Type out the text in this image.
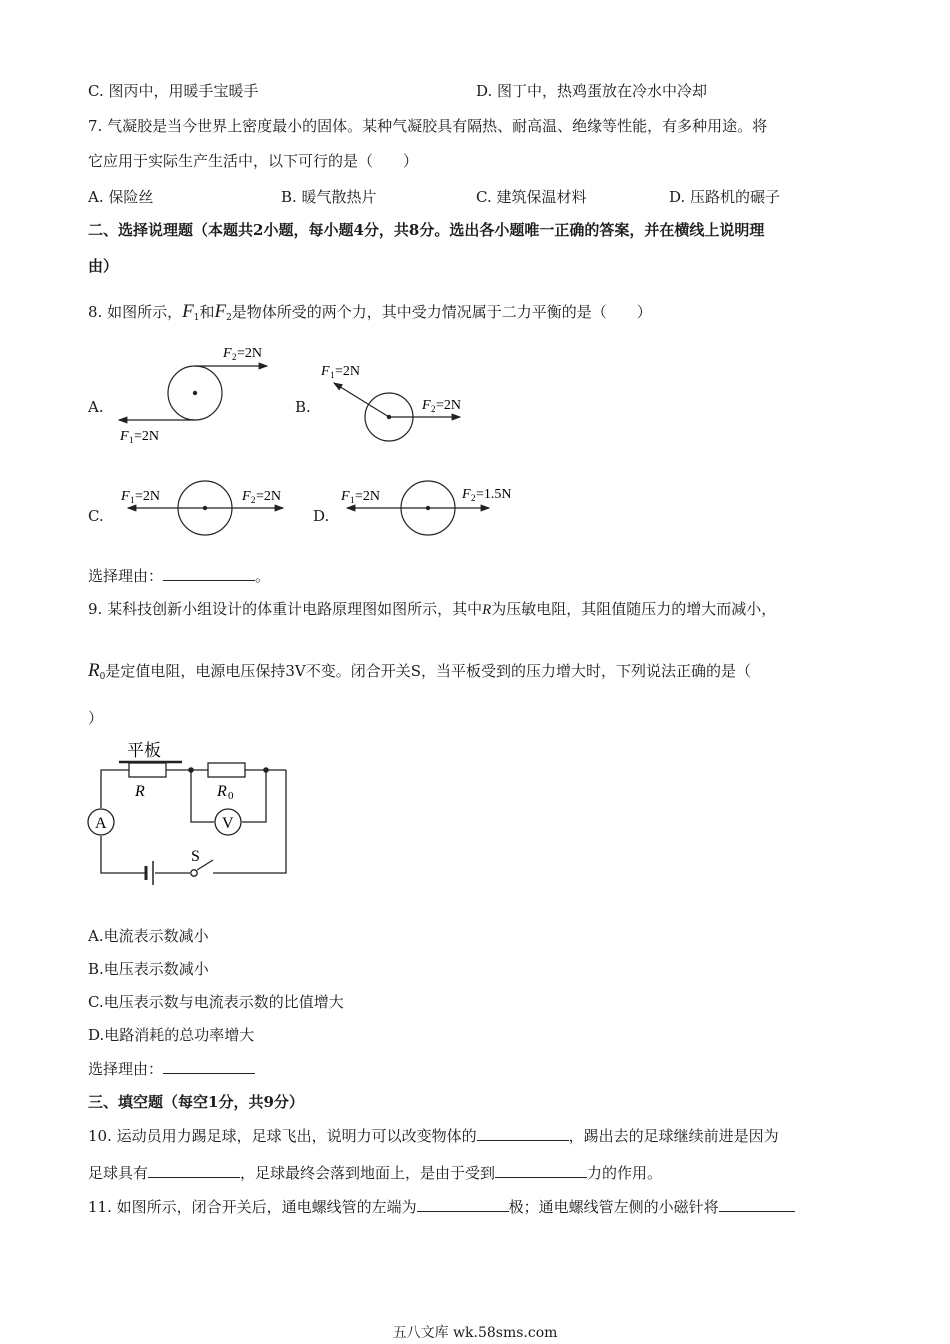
C. 图丙中，用暖手宝暖手	D. 图丁中，热鸡蛋放在冷水中冷却
7. 气凝胶是当今世界上密度最小的固体。某种气凝胶具有隔热、耐高温、绝缘等性能，有多种用途。将
它应用于实际生产生活中，以下可行的是（　　）
A. 保险丝	B. 暖气散热片	C. 建筑保温材料	D. 压路机的碾子
二、选择说理题（本题共2小题，每小题4分，共8分。选出各小题唯一正确的答案，并在横线上说明理
由）
8. 如图所示，$F_1$和$F_2$是物体所受的两个力，其中受力情况属于二力平衡的是（　　）
A.	B.
C.	D.
F 2 =2N
F 1 =2N
F 1 =2N
F 2 =2N
F 1 =2N	F 2 =2N	F 1 =2N	F 2 =1.5N
选择理由：	。
9. 某科技创新小组设计的体重计电路原理图如图所示，其中R为压敏电阻，其阻值随压力的增大而减小，
$R_0$是定值电阻，电源电压保持3V不变。闭合开关S，当平板受到的压力增大时，下列说法正确的是（
）
平板
R	R 0
A	V
S
A.电流表示数减小
B.电压表示数减小
C.电压表示数与电流表示数的比值增大
D.电路消耗的总功率增大
选择理由：
三、填空题（每空1分，共9分）
10. 运动员用力踢足球，足球飞出，说明力可以改变物体的	，踢出去的足球继续前进是因为
足球具有	，足球最终会落到地面上，是由于受到	力的作用。
11. 如图所示，闭合开关后，通电螺线管的左端为	极；通电螺线管左侧的小磁针将
五八文库 wk.58sms.com
